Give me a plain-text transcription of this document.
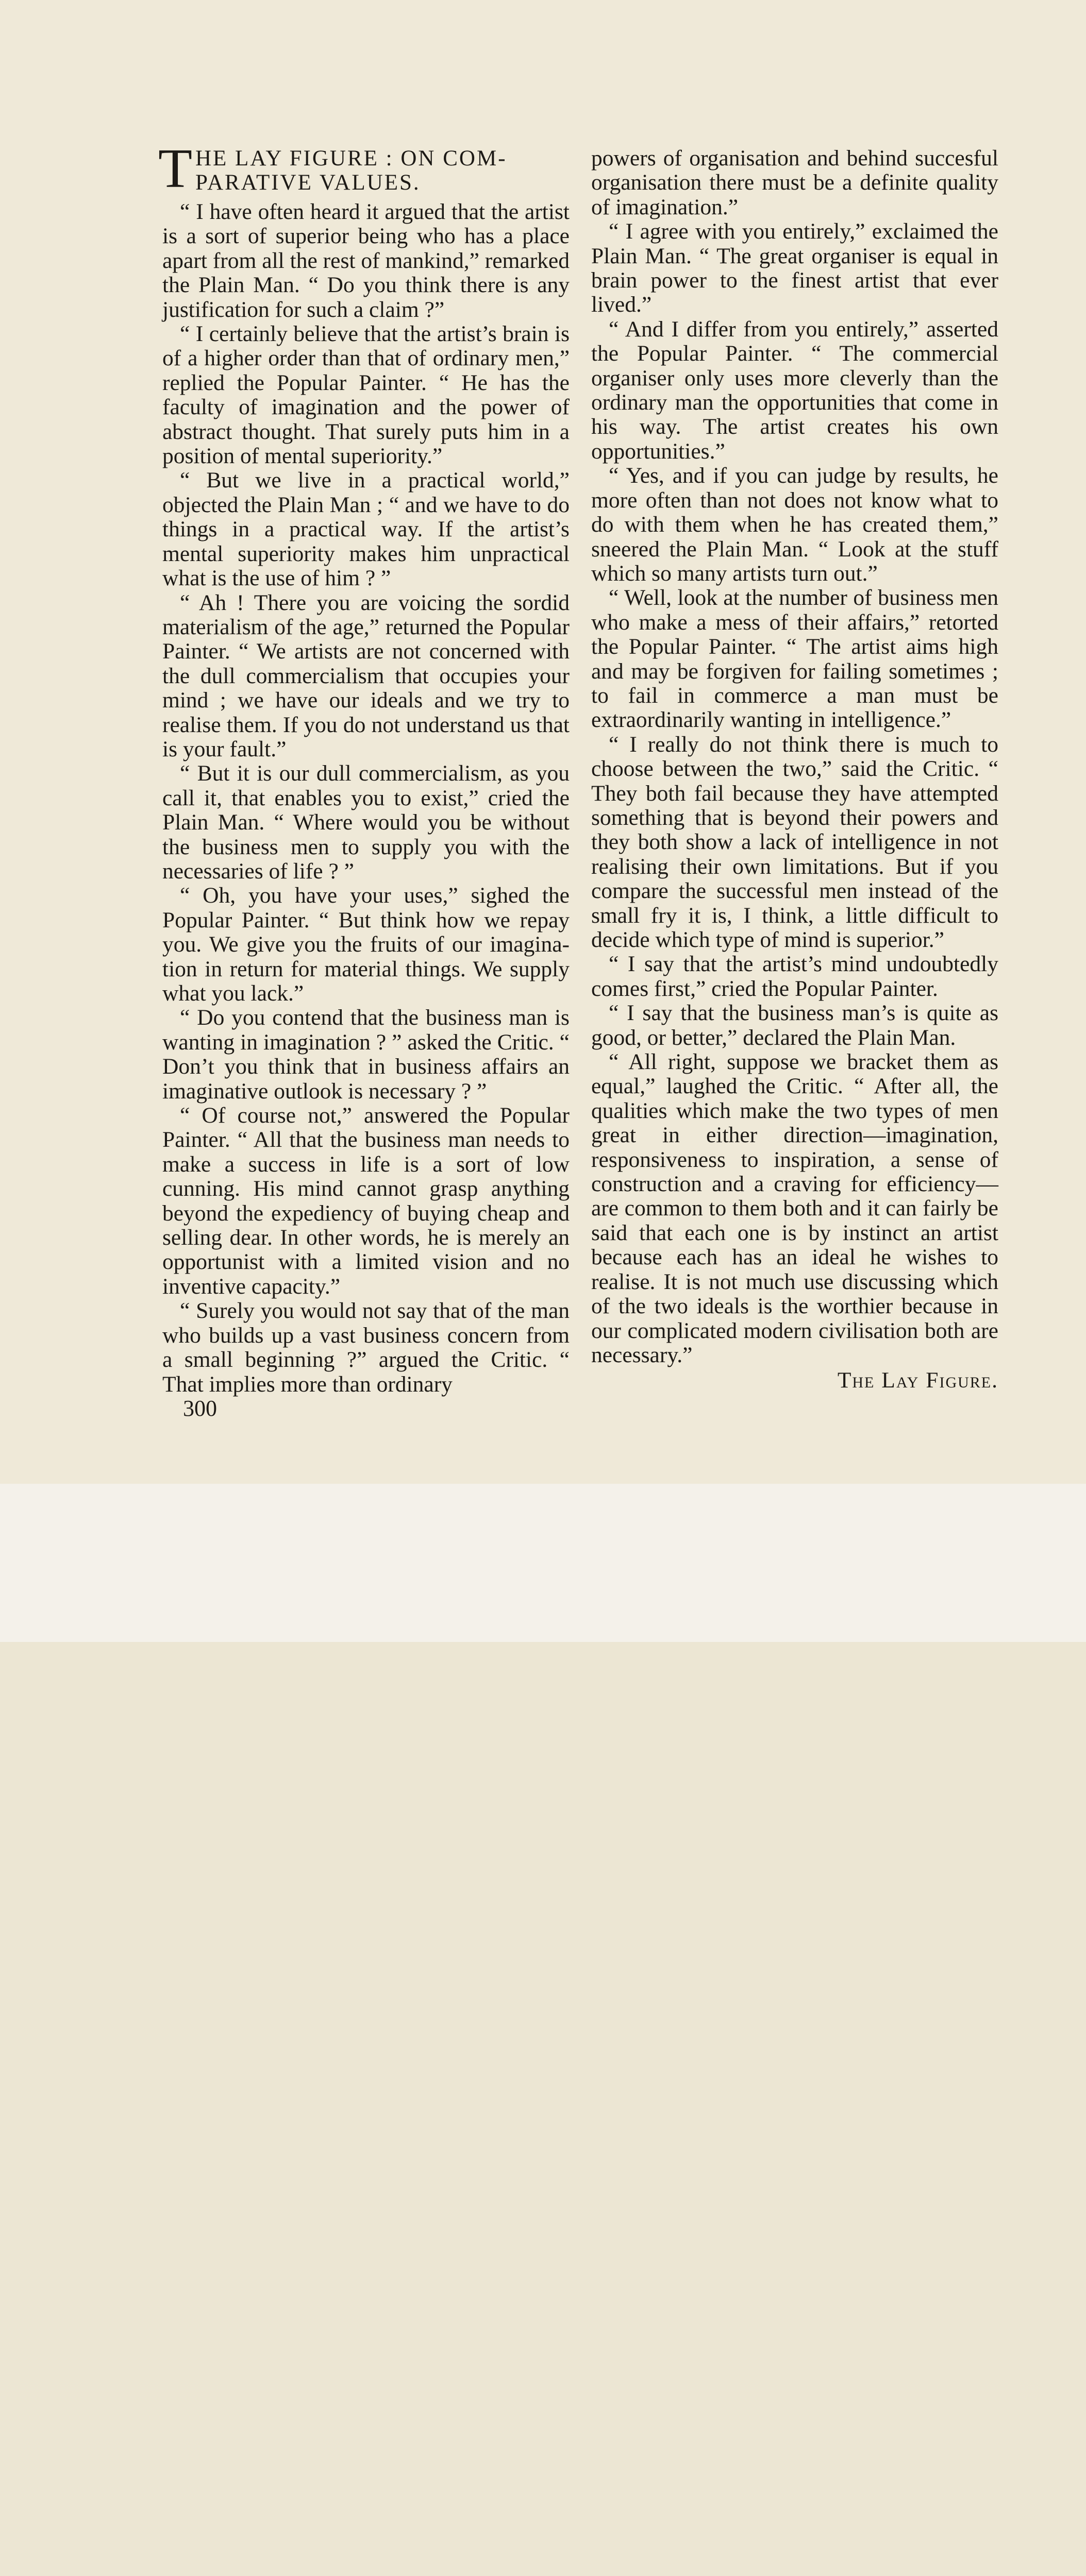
THE LAY FIGURE : ON COMPARATIVE VALUES.

“ I have often heard it argued that the artist is a sort of superior being who has a place apart from all the rest of mankind,” remarked the Plain Man. “ Do you think there is any justification for such a claim ?”

“ I certainly believe that the artist’s brain is of a higher order than that of ordinary men,” replied the Popular Painter. “ He has the faculty of imagination and the power of abstract thought. That surely puts him in a position of mental superiority.”

“ But we live in a practical world,” objected the Plain Man ; “ and we have to do things in a practical way. If the artist’s mental superiority makes him unpractical what is the use of him ? ”

“ Ah ! There you are voicing the sordid materialism of the age,” returned the Popular Painter. “ We artists are not concerned with the dull commercialism that occupies your mind ; we have our ideals and we try to realise them. If you do not understand us that is your fault.”

“ But it is our dull commercialism, as you call it, that enables you to exist,” cried the Plain Man. “ Where would you be without the business men to supply you with the necessaries of life ? ”

“ Oh, you have your uses,” sighed the Popular Painter. “ But think how we repay you. We give you the fruits of our imagination in return for material things. We supply what you lack.”

“ Do you contend that the business man is wanting in imagination ? ” asked the Critic. “ Don’t you think that in business affairs an imaginative outlook is necessary ? ”

“ Of course not,” answered the Popular Painter. “ All that the business man needs to make a success in life is a sort of low cunning. His mind cannot grasp anything beyond the expediency of buying cheap and selling dear. In other words, he is merely an opportunist with a limited vision and no inventive capacity.”

“ Surely you would not say that of the man who builds up a vast business concern from a small beginning ?” argued the Critic. “ That implies more than ordinary

powers of organisation and behind succesful organisation there must be a definite quality of imagination.”

“ I agree with you entirely,” exclaimed the Plain Man. “ The great organiser is equal in brain power to the finest artist that ever lived.”

“ And I differ from you entirely,” asserted the Popular Painter. “ The commercial organiser only uses more cleverly than the ordinary man the opportunities that come in his way. The artist creates his own opportunities.”

“ Yes, and if you can judge by results, he more often than not does not know what to do with them when he has created them,” sneered the Plain Man. “ Look at the stuff which so many artists turn out.”

“ Well, look at the number of business men who make a mess of their affairs,” retorted the Popular Painter. “ The artist aims high and may be forgiven for failing sometimes ; to fail in commerce a man must be extraordinarily wanting in intelligence.”

“ I really do not think there is much to choose between the two,” said the Critic. “ They both fail because they have attempted something that is beyond their powers and they both show a lack of intelligence in not realising their own limitations. But if you compare the successful men instead of the small fry it is, I think, a little difficult to decide which type of mind is superior.”

“ I say that the artist’s mind undoubtedly comes first,” cried the Popular Painter.

“ I say that the business man’s is quite as good, or better,” declared the Plain Man.

“ All right, suppose we bracket them as equal,” laughed the Critic. “ After all, the qualities which make the two types of men great in either direction—imagination, responsiveness to inspiration, a sense of construction and a craving for efficiency—are common to them both and it can fairly be said that each one is by instinct an artist because each has an ideal he wishes to realise. It is not much use discussing which of the two ideals is the worthier because in our complicated modern civilisation both are necessary.”

The Lay Figure.

300
